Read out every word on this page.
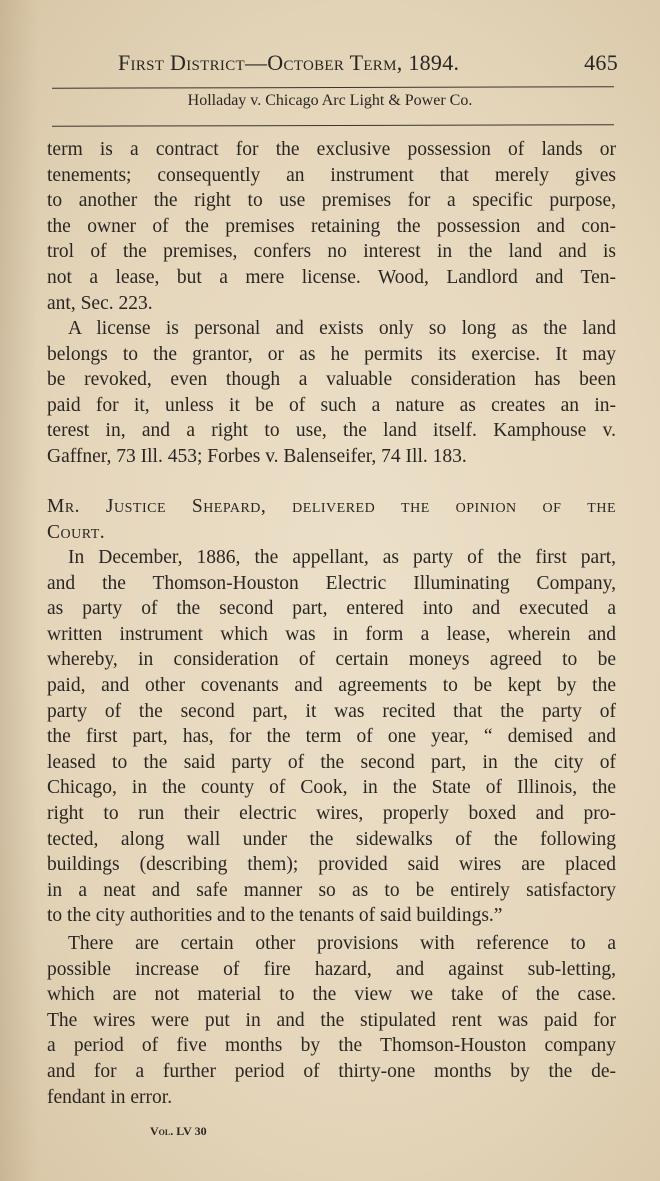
First District—October Term, 1894.	465
Holladay v. Chicago Arc Light & Power Co.
term is a contract for the exclusive possession of lands or
tenements; consequently an instrument that merely gives
to another the right to use premises for a specific purpose,
the owner of the premises retaining the possession and con-
trol of the premises, confers no interest in the land and is
not a lease, but a mere license. Wood, Landlord and Ten-
ant, Sec. 223.
A license is personal and exists only so long as the land
belongs to the grantor, or as he permits its exercise. It may
be revoked, even though a valuable consideration has been
paid for it, unless it be of such a nature as creates an in-
terest in, and a right to use, the land itself. Kamphouse v.
Gaffner, 73 Ill. 453; Forbes v. Balenseifer, 74 Ill. 183.
Mr. Justice Shepard, delivered the opinion of the
Court.
In December, 1886, the appellant, as party of the first part,
and the Thomson-Houston Electric Illuminating Company,
as party of the second part, entered into and executed a
written instrument which was in form a lease, wherein and
whereby, in consideration of certain moneys agreed to be
paid, and other covenants and agreements to be kept by the
party of the second part, it was recited that the party of
the first part, has, for the term of one year, “ demised and
leased to the said party of the second part, in the city of
Chicago, in the county of Cook, in the State of Illinois, the
right to run their electric wires, properly boxed and pro-
tected, along wall under the sidewalks of the following
buildings (describing them); provided said wires are placed
in a neat and safe manner so as to be entirely satisfactory
to the city authorities and to the tenants of said buildings.”
There are certain other provisions with reference to a
possible increase of fire hazard, and against sub-letting,
which are not material to the view we take of the case.
The wires were put in and the stipulated rent was paid for
a period of five months by the Thomson-Houston company
and for a further period of thirty-one months by the de-
fendant in error.
Vol. LV 30
